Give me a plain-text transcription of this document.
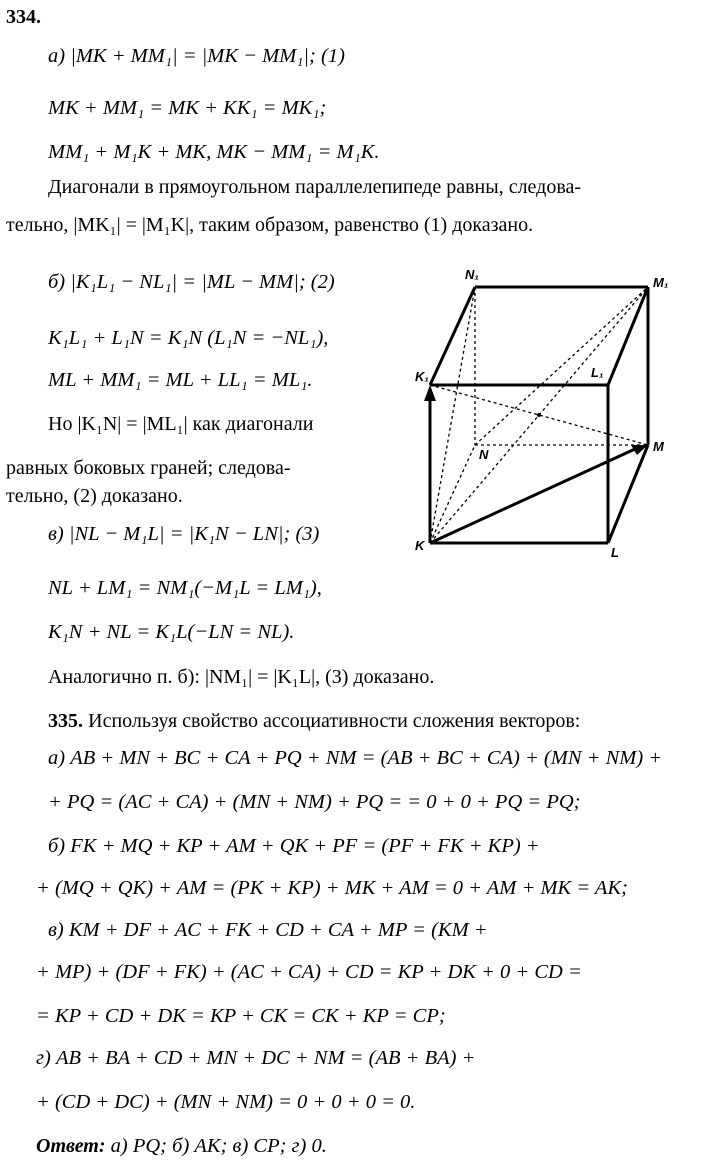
334.
а) |MK + MM₁| = |MK − MM₁|; (1)
MK + MM₁ = MK + KK₁ = MK₁;
MM₁ + M₁K + MK, MK − MM₁ = M₁K.
Диагонали в прямоугольном параллелепипеде равны, следова-
тельно, |MK₁| = |M₁K|, таким образом, равенство (1) доказано.
б) |K₁L₁ − NL₁| = |ML − MM|; (2)
K₁L₁ + L₁N = K₁N (L₁N = −NL₁),
ML + MM₁ = ML + LL₁ = ML₁.
Но |K₁N| = |ML₁| как диагонали
равных боковых граней; следова-
тельно, (2) доказано.
в) |NL − M₁L| = |K₁N − LN|; (3)
NL + LM₁ = NM₁(−M₁L = LM₁),
K₁N + NL = K₁L(−LN = NL).
Аналогично п. б): |NM₁| = |K₁L|, (3) доказано.
N₁
M₁
K₁	L₁
N
M
K	L
335. Используя свойство ассоциативности сложения векторов:
а) AB + MN + BC + CA + PQ + NM = (AB + BC + CA) + (MN + NM) +
+ PQ = (AC + CA) + (MN + NM) + PQ = = 0 + 0 + PQ = PQ;
б) FK + MQ + KP + AM + QK + PF = (PF + FK + KP) +
+ (MQ + QK) + AM = (PK + KP) + MK + AM = 0 + AM + MK = AK;
в) KM + DF + AC + FK + CD + CA + MP = (KM +
+ MP) + (DF + FK) + (AC + CA) + CD = KP + DK + 0 + CD =
= KP + CD + DK = KP + CK = CK + KP = CP;
г) AB + BA + CD + MN + DC + NM = (AB + BA) +
+ (CD + DC) + (MN + NM) = 0 + 0 + 0 = 0.
Ответ: а) PQ; б) AK; в) CP; г) 0.
